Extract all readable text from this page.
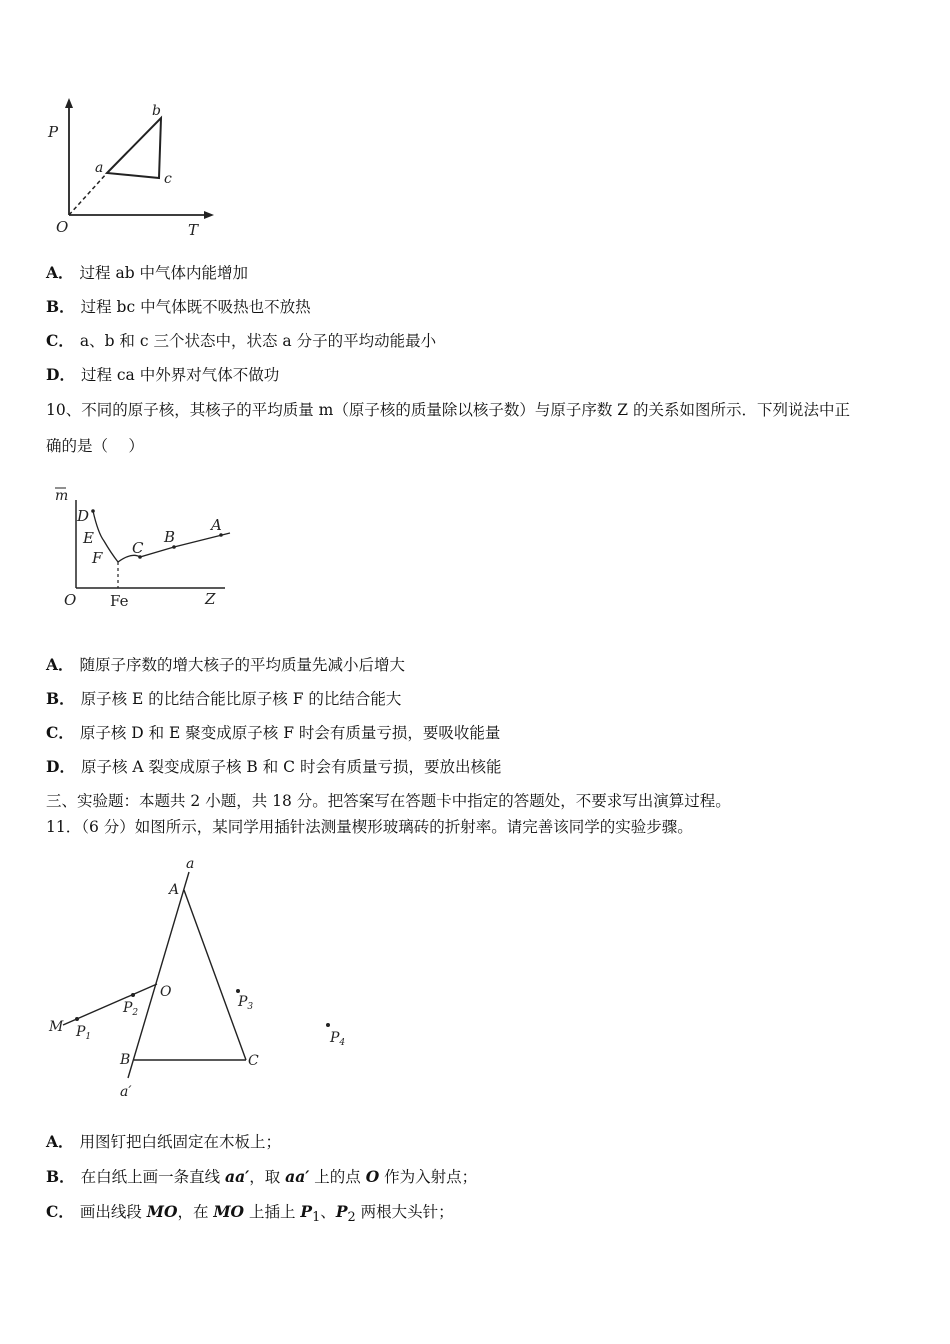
P
T
O
a
b
c
A． 过程 ab 中气体内能增加
B． 过程 bc 中气体既不吸热也不放热
C． a、b 和 c 三个状态中，状态 a 分子的平均动能最小
D． 过程 ca 中外界对气体不做功
10、不同的原子核，其核子的平均质量 m（原子核的质量除以核子数）与原子序数 Z 的关系如图所示．下列说法中正
确的是（　 ）
m
D
E
F
C
B
A
O Fe	Z
A． 随原子序数的增大核子的平均质量先减小后增大
B． 原子核 E 的比结合能比原子核 F 的比结合能大
C． 原子核 D 和 E 聚变成原子核 F 时会有质量亏损，要吸收能量
D． 原子核 A 裂变成原子核 B 和 C 时会有质量亏损，要放出核能
三、实验题：本题共 2 小题，共 18 分。把答案写在答题卡中指定的答题处，不要求写出演算过程。
11．（6 分）如图所示，某同学用插针法测量楔形玻璃砖的折射率。请完善该同学的实验步骤。
a
A
O
$P_3$
M $P_1$
$P_2$
$P_4$
B	C
a′
A． 用图钉把白纸固定在木板上；
B． 在白纸上画一条直线 aa′，取 aa′ 上的点 O 作为入射点；
C． 画出线段 MO，在 MO 上插上 $P_1$、$P_2$ 两根大头针；
